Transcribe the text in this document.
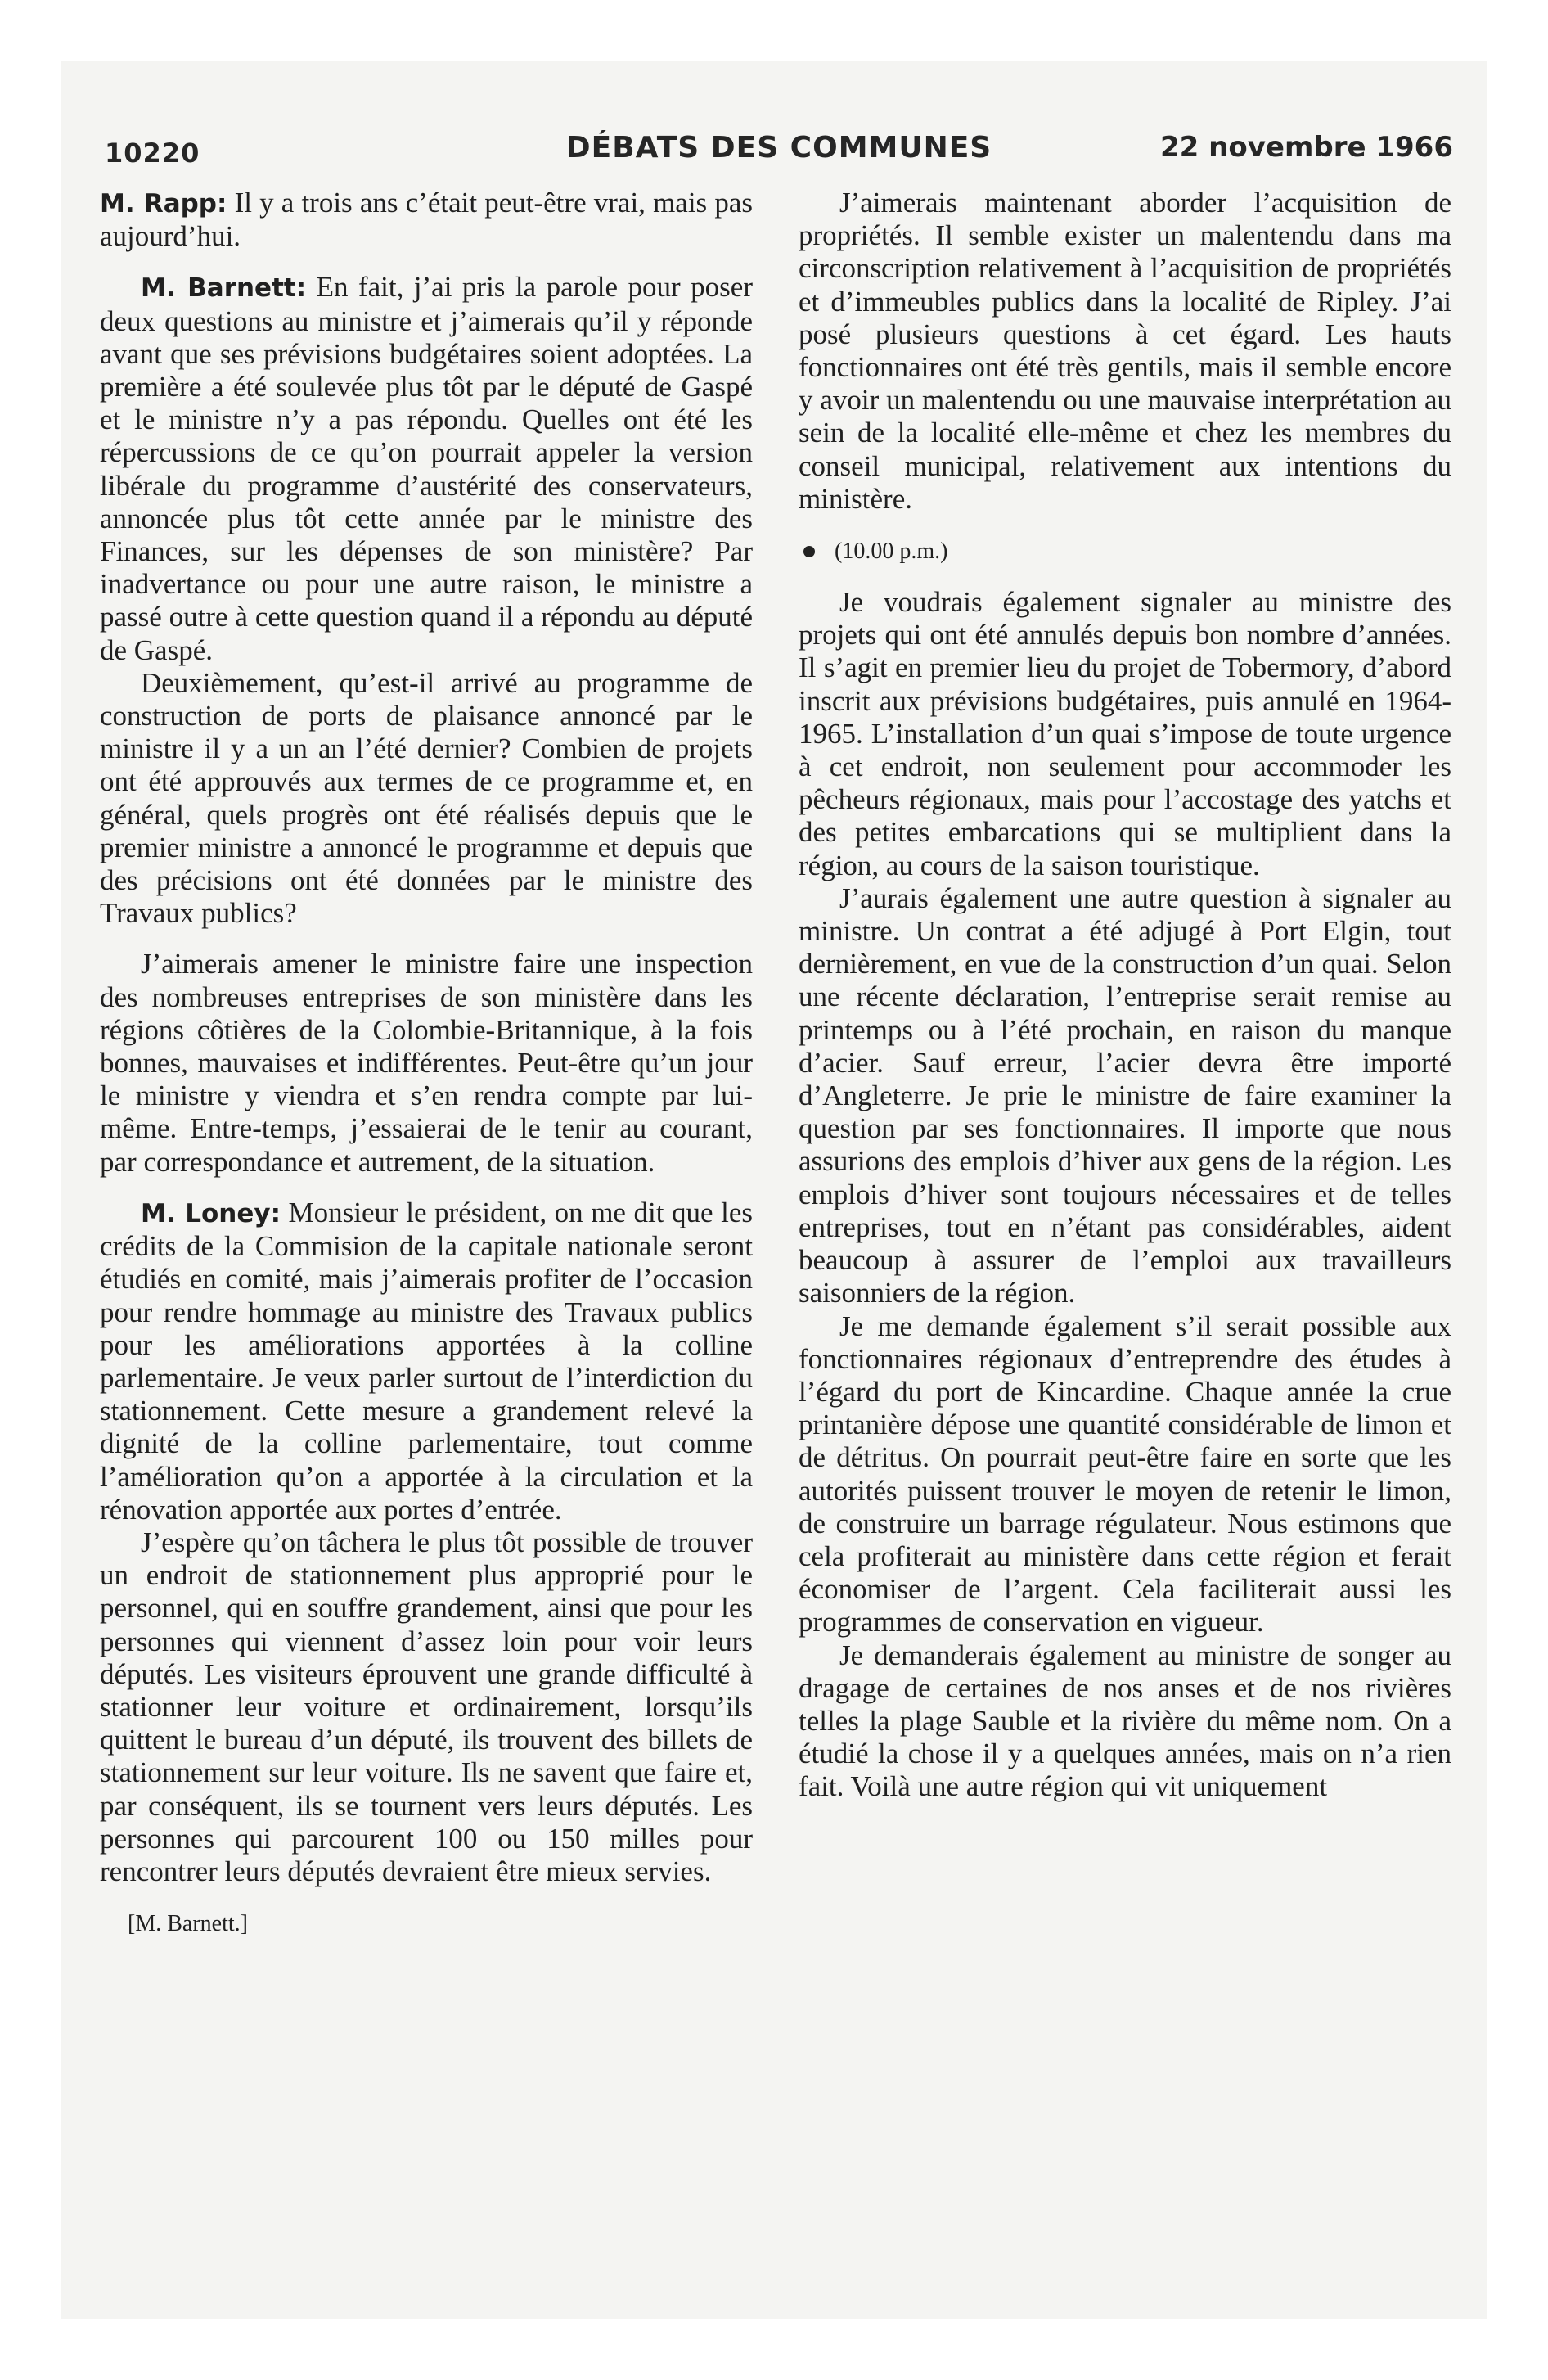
10220	DÉBATS DES COMMUNES	22 novembre 1966

M. Rapp: Il y a trois ans c’était peut-être vrai, mais pas aujourd’hui.

M. Barnett: En fait, j’ai pris la parole pour poser deux questions au ministre et j’aimerais qu’il y réponde avant que ses prévisions budgétaires soient adoptées. La première a été soulevée plus tôt par le député de Gaspé et le ministre n’y a pas répondu. Quelles ont été les répercussions de ce qu’on pourrait appeler la version libérale du programme d’austérité des conservateurs, annoncée plus tôt cette année par le ministre des Finances, sur les dépenses de son ministère? Par inadvertance ou pour une autre raison, le ministre a passé outre à cette question quand il a répondu au député de Gaspé.

Deuxièmement, qu’est-il arrivé au programme de construction de ports de plaisance annoncé par le ministre il y a un an l’été dernier? Combien de projets ont été approuvés aux termes de ce programme et, en général, quels progrès ont été réalisés depuis que le premier ministre a annoncé le programme et depuis que des précisions ont été données par le ministre des Travaux publics?

J’aimerais amener le ministre faire une inspection des nombreuses entreprises de son ministère dans les régions côtières de la Colombie-Britannique, à la fois bonnes, mauvaises et indifférentes. Peut-être qu’un jour le ministre y viendra et s’en rendra compte par lui-même. Entre-temps, j’essaierai de le tenir au courant, par correspondance et autrement, de la situation.

M. Loney: Monsieur le président, on me dit que les crédits de la Commision de la capitale nationale seront étudiés en comité, mais j’aimerais profiter de l’occasion pour rendre hommage au ministre des Travaux publics pour les améliorations apportées à la colline parlementaire. Je veux parler surtout de l’interdiction du stationnement. Cette mesure a grandement relevé la dignité de la colline parlementaire, tout comme l’amélioration qu’on a apportée à la circulation et la rénovation apportée aux portes d’entrée.

J’espère qu’on tâchera le plus tôt possible de trouver un endroit de stationnement plus approprié pour le personnel, qui en souffre grandement, ainsi que pour les personnes qui viennent d’assez loin pour voir leurs députés. Les visiteurs éprouvent une grande difficulté à stationner leur voiture et ordinairement, lorsqu’ils quittent le bureau d’un député, ils trouvent des billets de stationnement sur leur voiture. Ils ne savent que faire et, par conséquent, ils se tournent vers leurs députés. Les personnes qui parcourent 100 ou 150 milles pour rencontrer leurs députés devraient être mieux servies.

[M. Barnett.]

J’aimerais maintenant aborder l’acquisition de propriétés. Il semble exister un malentendu dans ma circonscription relativement à l’acquisition de propriétés et d’immeubles publics dans la localité de Ripley. J’ai posé plusieurs questions à cet égard. Les hauts fonctionnaires ont été très gentils, mais il semble encore y avoir un malentendu ou une mauvaise interprétation au sein de la localité elle-même et chez les membres du conseil municipal, relativement aux intentions du ministère.

(10.00 p.m.)

Je voudrais également signaler au ministre des projets qui ont été annulés depuis bon nombre d’années. Il s’agit en premier lieu du projet de Tobermory, d’abord inscrit aux prévisions budgétaires, puis annulé en 1964-1965. L’installation d’un quai s’impose de toute urgence à cet endroit, non seulement pour accommoder les pêcheurs régionaux, mais pour l’accostage des yatchs et des petites embarcations qui se multiplient dans la région, au cours de la saison touristique.

J’aurais également une autre question à signaler au ministre. Un contrat a été adjugé à Port Elgin, tout dernièrement, en vue de la construction d’un quai. Selon une récente déclaration, l’entreprise serait remise au printemps ou à l’été prochain, en raison du manque d’acier. Sauf erreur, l’acier devra être importé d’Angleterre. Je prie le ministre de faire examiner la question par ses fonctionnaires. Il importe que nous assurions des emplois d’hiver aux gens de la région. Les emplois d’hiver sont toujours nécessaires et de telles entreprises, tout en n’étant pas considérables, aident beaucoup à assurer de l’emploi aux travailleurs saisonniers de la région.

Je me demande également s’il serait possible aux fonctionnaires régionaux d’entreprendre des études à l’égard du port de Kincardine. Chaque année la crue printanière dépose une quantité considérable de limon et de détritus. On pourrait peut-être faire en sorte que les autorités puissent trouver le moyen de retenir le limon, de construire un barrage régulateur. Nous estimons que cela profiterait au ministère dans cette région et ferait économiser de l’argent. Cela faciliterait aussi les programmes de conservation en vigueur.

Je demanderais également au ministre de songer au dragage de certaines de nos anses et de nos rivières telles la plage Sauble et la rivière du même nom. On a étudié la chose il y a quelques années, mais on n’a rien fait. Voilà une autre région qui vit uniquement
